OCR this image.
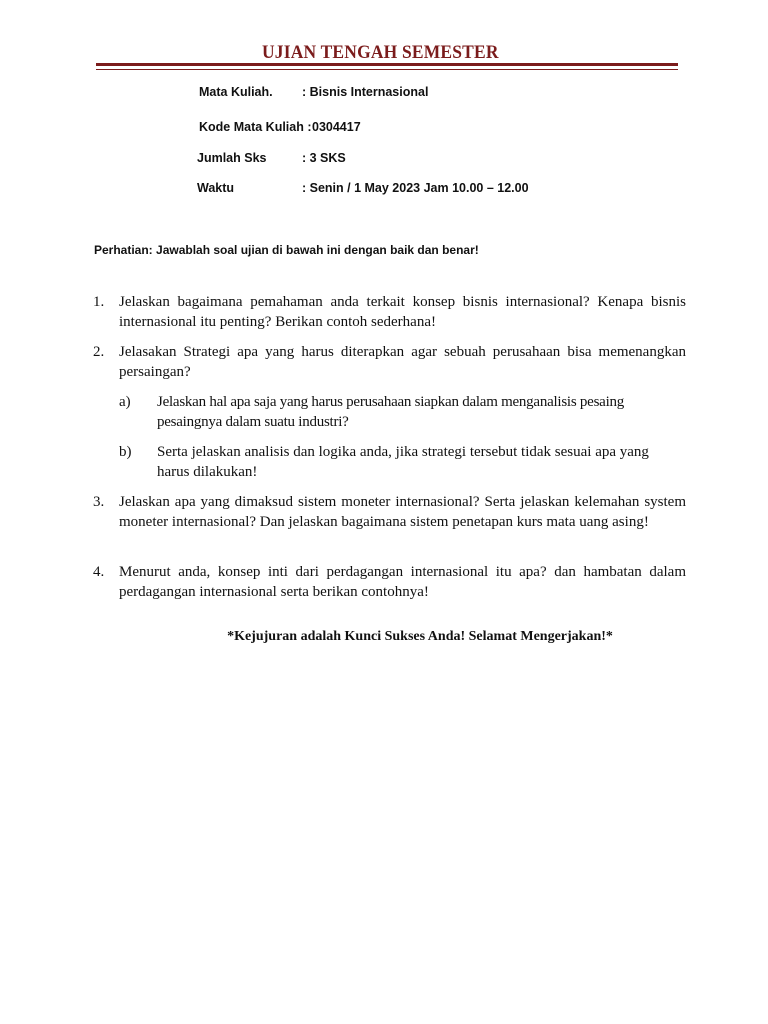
UJIAN TENGAH SEMESTER
Mata Kuliah. : Bisnis Internasional
Kode Mata Kuliah : 0304417
Jumlah Sks	: 3 SKS
Waktu	: Senin / 1 May 2023 Jam 10.00 – 12.00
Perhatian: Jawablah soal ujian di bawah ini dengan baik dan benar!
1. Jelaskan bagaimana pemahaman anda terkait konsep bisnis internasional? Kenapa bisnis internasional itu penting? Berikan contoh sederhana!
2. Jelasakan Strategi apa yang harus diterapkan agar sebuah perusahaan bisa memenangkan persaingan?
a) Jelaskan hal apa saja yang harus perusahaan siapkan dalam menganalisis pesaing pesaingnya dalam suatu industri?
b) Serta jelaskan analisis dan logika anda, jika strategi tersebut tidak sesuai apa yang harus dilakukan!
3. Jelaskan apa yang dimaksud sistem moneter internasional? Serta jelaskan kelemahan system moneter internasional? Dan jelaskan bagaimana sistem penetapan kurs mata uang asing!
4. Menurut anda, konsep inti dari perdagangan internasional itu apa? dan hambatan dalam perdagangan internasional serta berikan contohnya!
*Kejujuran adalah Kunci Sukses Anda! Selamat Mengerjakan!*
